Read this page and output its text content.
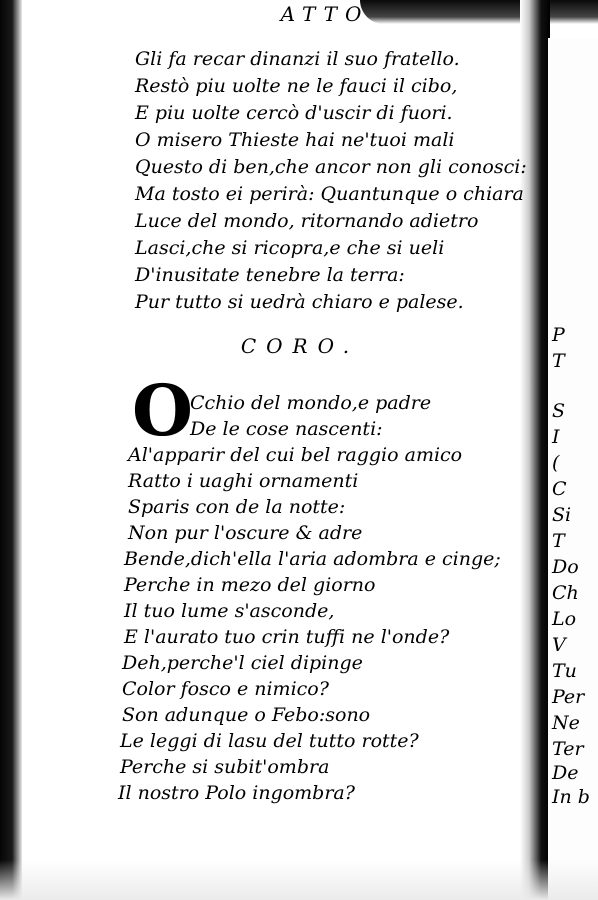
ATTO
Gli fa recar dinanzi il suo fratello.
Restò piu uolte ne le fauci il cibo,
E piu uolte cercò d'uscir di fuori.
O misero Thieste hai ne'tuoi mali
Questo di ben,che ancor non gli conosci:
Ma tosto ei perirà: Quantunque o chiara
Luce del mondo, ritornando adietro
Lasci,che si ricopra,e che si ueli
D'inusitate tenebre la terra:
Pur tutto si uedrà chiaro e palese.
CORO.
O
Cchio del mondo,e padre
De le cose nascenti:
Al'apparir del cui bel raggio amico
Ratto i uaghi ornamenti
Sparis con de la notte:
Non pur l'oscure & adre
Bende,dich'ella l'aria adombra e cinge;
Perche in mezo del giorno
Il tuo lume s'asconde,
E l'aurato tuo crin tuffi ne l'onde?
Deh,perche'l ciel dipinge
Color fosco e nimico?
Son adunque o Febo:sono
Le leggi di lasu del tutto rotte?
Perche si subit'ombra
Il nostro Polo ingombra?
P
T
S
I
(
C
Si
T
Do
Ch
Lo
V
Tu
Per
Ne
Ter
De
In b
